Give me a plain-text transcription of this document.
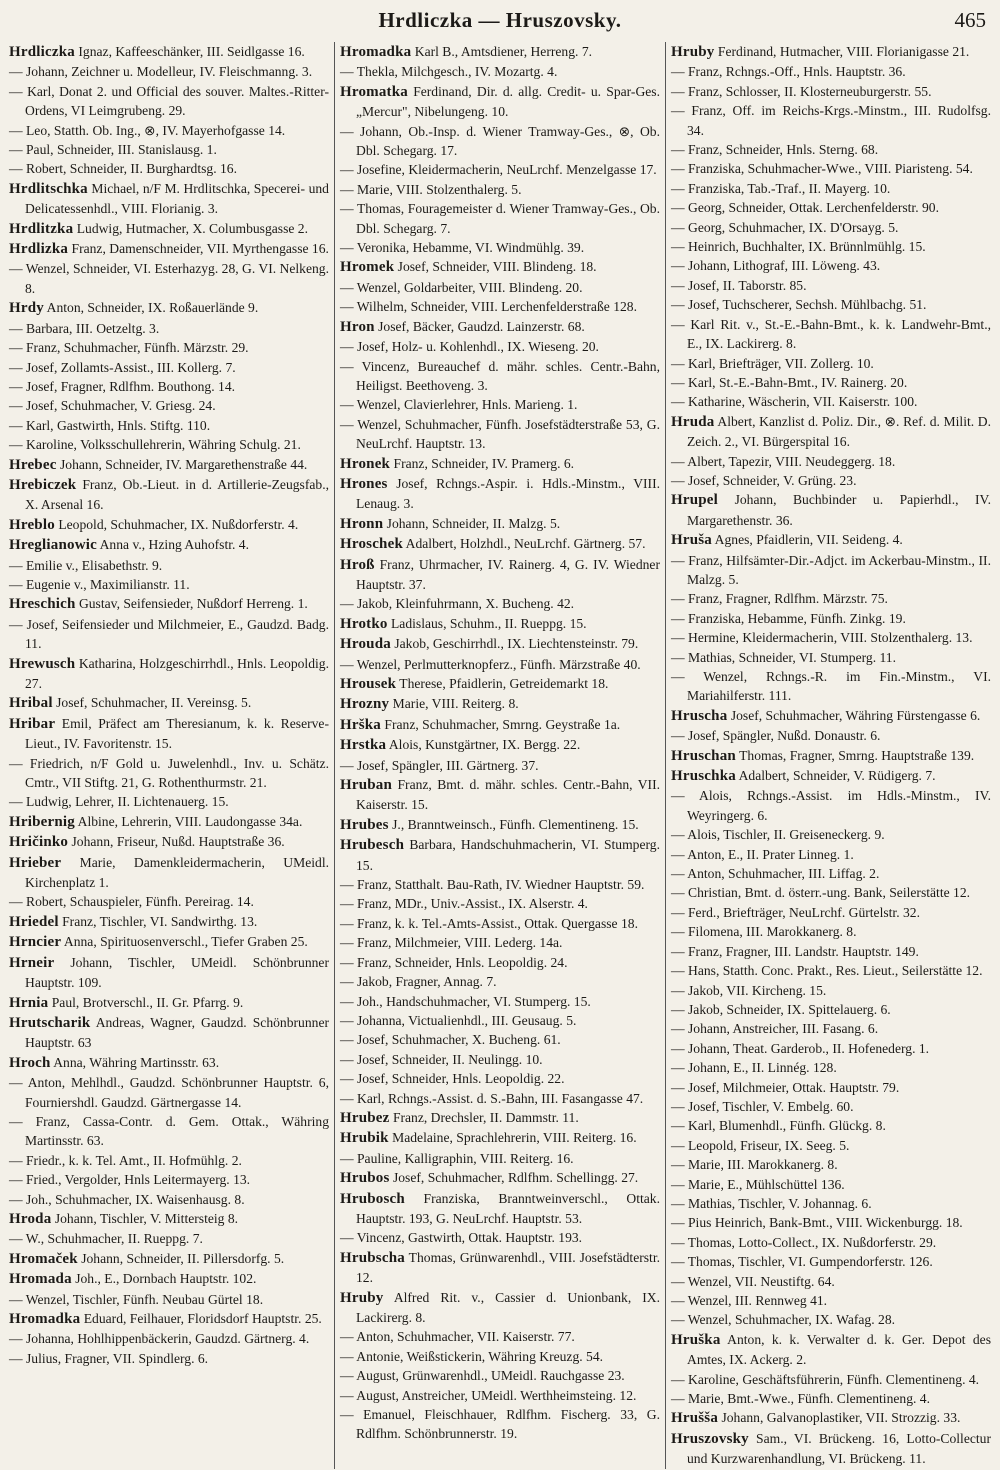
Hrdliczka — Hruszovsky.	465
Hrdliczka Ignaz, Kaffeeschänker, III. Seidlgasse 16.
— Johann, Zeichner u. Modelleur, IV. Fleischmanng. 3.
— Karl, Donat 2. und Official des souver. Maltes.-Ritter-Ordens, VI Leimgrubeng. 29.
— Leo, Statth. Ob. Ing., ⊗, IV. Mayerhofgasse 14.
— Paul, Schneider, III. Stanislausg. 1.
— Robert, Schneider, II. Burghardtsg. 16.
Hrdlitschka Michael, n/F M. Hrdlitschka, Specerei- und Delicatessenhdl., VIII. Florianig. 3.
Hrdlitzka Ludwig, Hutmacher, X. Columbusgasse 2.
Hrdlizka Franz, Damenschneider, VII. Myrthengasse 16.
— Wenzel, Schneider, VI. Esterhazyg. 28, G. VI. Nelkeng. 8.
Hrdy Anton, Schneider, IX. Roßauerlände 9.
— Barbara, III. Oetzeltg. 3.
— Franz, Schuhmacher, Fünfh. Märzstr. 29.
— Josef, Zollamts-Assist., III. Kollerg. 7.
— Josef, Fragner, Rdlfhm. Bouthong. 14.
— Josef, Schuhmacher, V. Griesg. 24.
— Karl, Gastwirth, Hnls. Stiftg. 110.
— Karoline, Volksschullehrerin, Währing Schulg. 21.
Hrebec Johann, Schneider, IV. Margarethenstraße 44.
Hrebiczek Franz, Ob.-Lieut. in d. Artillerie-Zeugsfab., X. Arsenal 16.
Hreblo Leopold, Schuhmacher, IX. Nußdorferstr. 4.
Hreglianowic Anna v., Hzing Auhofstr. 4.
— Emilie v., Elisabethstr. 9.
— Eugenie v., Maximilianstr. 11.
Hreschich Gustav, Seifensieder, Nußdorf Herreng. 1.
— Josef, Seifensieder und Milchmeier, E., Gaudzd. Badg. 11.
Hrewusch Katharina, Holzgeschirrhdl., Hnls. Leopoldig. 27.
Hribal Josef, Schuhmacher, II. Vereinsg. 5.
Hribar Emil, Präfect am Theresianum, k. k. Reserve-Lieut., IV. Favoritenstr. 15.
— Friedrich, n/F Gold u. Juwelenhdl., Inv. u. Schätz. Cmtr., VII Stiftg. 21, G. Rothenthurmstr. 21.
— Ludwig, Lehrer, II. Lichtenauerg. 15.
Hribernig Albine, Lehrerin, VIII. Laudongasse 34a.
Hričinko Johann, Friseur, Nußd. Hauptstraße 36.
Hrieber Marie, Damenkleidermacherin, UMeidl. Kirchenplatz 1.
— Robert, Schauspieler, Fünfh. Pereirag. 14.
Hriedel Franz, Tischler, VI. Sandwirthg. 13.
Hrncier Anna, Spirituosenverschl., Tiefer Graben 25.
Hrneir Johann, Tischler, UMeidl. Schönbrunner Hauptstr. 109.
Hrnia Paul, Brotverschl., II. Gr. Pfarrg. 9.
Hrutscharik Andreas, Wagner, Gaudzd. Schönbrunner Hauptstr. 63
Hroch Anna, Währing Martinsstr. 63.
— Anton, Mehlhdl., Gaudzd. Schönbrunner Hauptstr. 6, Fourniershdl. Gaudzd. Gärtnergasse 14.
— Franz, Cassa-Contr. d. Gem. Ottak., Währing Martinsstr. 63.
— Friedr., k. k. Tel. Amt., II. Hofmühlg. 2.
— Fried., Vergolder, Hnls Leitermayerg. 13.
— Joh., Schuhmacher, IX. Waisenhausg. 8.
Hroda Johann, Tischler, V. Mittersteig 8.
— W., Schuhmacher, II. Rueppg. 7.
Hromaček Johann, Schneider, II. Pillersdorfg. 5.
Hromada Joh., E., Dornbach Hauptstr. 102.
— Wenzel, Tischler, Fünfh. Neubau Gürtel 18.
Hromadka Eduard, Feilhauer, Floridsdorf Hauptstr. 25.
— Johanna, Hohlhippenbäckerin, Gaudzd. Gärtnerg. 4.
— Julius, Fragner, VII. Spindlerg. 6.
Hromadka Karl B., Amtsdiener, Herreng. 7.
— Thekla, Milchgesch., IV. Mozartg. 4.
Hromatka Ferdinand, Dir. d. allg. Credit- u. Spar-Ges. „Mercur", Nibelungeng. 10.
— Johann, Ob.-Insp. d. Wiener Tramway-Ges., ⊗, Ob. Dbl. Schegarg. 17.
— Josefine, Kleidermacherin, NeuLrchf. Menzelgasse 17.
— Marie, VIII. Stolzenthalerg. 5.
— Thomas, Fouragemeister d. Wiener Tramway-Ges., Ob. Dbl. Schegarg. 7.
— Veronika, Hebamme, VI. Windmühlg. 39.
Hromek Josef, Schneider, VIII. Blindeng. 18.
— Wenzel, Goldarbeiter, VIII. Blindeng. 20.
— Wilhelm, Schneider, VIII. Lerchenfelderstraße 128.
Hron Josef, Bäcker, Gaudzd. Lainzerstr. 68.
— Josef, Holz- u. Kohlenhdl., IX. Wieseng. 20.
— Vincenz, Bureauchef d. mähr. schles. Centr.-Bahn, Heiligst. Beethoveng. 3.
— Wenzel, Clavierlehrer, Hnls. Marieng. 1.
— Wenzel, Schuhmacher, Fünfh. Josefstädterstraße 53, G. NeuLrchf. Hauptstr. 13.
Hronek Franz, Schneider, IV. Pramerg. 6.
Hrones Josef, Rchngs.-Aspir. i. Hdls.-Minstm., VIII. Lenaug. 3.
Hronn Johann, Schneider, II. Malzg. 5.
Hroschek Adalbert, Holzhdl., NeuLrchf. Gärtnerg. 57.
Hroß Franz, Uhrmacher, IV. Rainerg. 4, G. IV. Wiedner Hauptstr. 37.
— Jakob, Kleinfuhrmann, X. Bucheng. 42.
Hrotko Ladislaus, Schuhm., II. Rueppg. 15.
Hrouda Jakob, Geschirrhdl., IX. Liechtensteinstr. 79.
— Wenzel, Perlmutterknopferz., Fünfh. Märzstraße 40.
Hrousek Therese, Pfaidlerin, Getreidemarkt 18.
Hrozny Marie, VIII. Reiterg. 8.
Hrška Franz, Schuhmacher, Smrng. Geystraße 1a.
Hrstka Alois, Kunstgärtner, IX. Bergg. 22.
— Josef, Spängler, III. Gärtnerg. 37.
Hruban Franz, Bmt. d. mähr. schles. Centr.-Bahn, VII. Kaiserstr. 15.
Hrubes J., Branntweinsch., Fünfh. Clementineng. 15.
Hrubesch Barbara, Handschuhmacherin, VI. Stumperg. 15.
— Franz, Statthalt. Bau-Rath, IV. Wiedner Hauptstr. 59.
— Franz, MDr., Univ.-Assist., IX. Alserstr. 4.
— Franz, k. k. Tel.-Amts-Assist., Ottak. Quergasse 18.
— Franz, Milchmeier, VIII. Lederg. 14a.
— Franz, Schneider, Hnls. Leopoldig. 24.
— Jakob, Fragner, Annag. 7.
— Joh., Handschuhmacher, VI. Stumperg. 15.
— Johanna, Victualienhdl., III. Geusaug. 5.
— Josef, Schuhmacher, X. Bucheng. 61.
— Josef, Schneider, II. Neulingg. 10.
— Josef, Schneider, Hnls. Leopoldig. 22.
— Karl, Rchngs.-Assist. d. S.-Bahn, III. Fasangasse 47.
Hrubez Franz, Drechsler, II. Dammstr. 11.
Hrubik Madelaine, Sprachlehrerin, VIII. Reiterg. 16.
— Pauline, Kalligraphin, VIII. Reiterg. 16.
Hrubos Josef, Schuhmacher, Rdlfhm. Schellingg. 27.
Hrubosch Franziska, Branntweinverschl., Ottak. Hauptstr. 193, G. NeuLrchf. Hauptstr. 53.
— Vincenz, Gastwirth, Ottak. Hauptstr. 193.
Hrubscha Thomas, Grünwarenhdl., VIII. Josefstädterstr. 12.
Hruby Alfred Rit. v., Cassier d. Unionbank, IX. Lackirerg. 8.
— Anton, Schuhmacher, VII. Kaiserstr. 77.
— Antonie, Weißstickerin, Währing Kreuzg. 54.
— August, Grünwarenhdl., UMeidl. Rauchgasse 23.
— August, Anstreicher, UMeidl. Werthheimsteing. 12.
— Emanuel, Fleischhauer, Rdlfhm. Fischerg. 33, G. Rdlfhm. Schönbrunnerstr. 19.
Hruby Ferdinand, Hutmacher, VIII. Florianigasse 21.
— Franz, Rchngs.-Off., Hnls. Hauptstr. 36.
— Franz, Schlosser, II. Klosterneuburgerstr. 55.
— Franz, Off. im Reichs-Krgs.-Minstm., III. Rudolfsg. 34.
— Franz, Schneider, Hnls. Sterng. 68.
— Franziska, Schuhmacher-Wwe., VIII. Piaristeng. 54.
— Franziska, Tab.-Traf., II. Mayerg. 10.
— Georg, Schneider, Ottak. Lerchenfelderstr. 90.
— Georg, Schuhmacher, IX. D'Orsayg. 5.
— Heinrich, Buchhalter, IX. Brünnlmühlg. 15.
— Johann, Lithograf, III. Löweng. 43.
— Josef, II. Taborstr. 85.
— Josef, Tuchscherer, Sechsh. Mühlbachg. 51.
— Karl Rit. v., St.-E.-Bahn-Bmt., k. k. Landwehr-Bmt., E., IX. Lackirerg. 8.
— Karl, Briefträger, VII. Zollerg. 10.
— Karl, St.-E.-Bahn-Bmt., IV. Rainerg. 20.
— Katharine, Wäscherin, VII. Kaiserstr. 100.
Hruda Albert, Kanzlist d. Poliz. Dir., ⊗. Ref. d. Milit. D. Zeich. 2., VI. Bürgerspital 16.
— Albert, Tapezir, VIII. Neudeggerg. 18.
— Josef, Schneider, V. Grüng. 23.
Hrupel Johann, Buchbinder u. Papierhdl., IV. Margarethenstr. 36.
Hruša Agnes, Pfaidlerin, VII. Seideng. 4.
— Franz, Hilfsämter-Dir.-Adjct. im Ackerbau-Minstm., II. Malzg. 5.
— Franz, Fragner, Rdlfhm. Märzstr. 75.
— Franziska, Hebamme, Fünfh. Zinkg. 19.
— Hermine, Kleidermacherin, VIII. Stolzenthalerg. 13.
— Mathias, Schneider, VI. Stumperg. 11.
— Wenzel, Rchngs.-R. im Fin.-Minstm., VI. Mariahilferstr. 111.
Hruscha Josef, Schuhmacher, Währing Fürstengasse 6.
— Josef, Spängler, Nußd. Donaustr. 6.
Hruschan Thomas, Fragner, Smrng. Hauptstraße 139.
Hruschka Adalbert, Schneider, V. Rüdigerg. 7.
— Alois, Rchngs.-Assist. im Hdls.-Minstm., IV. Weyringerg. 6.
— Alois, Tischler, II. Greiseneckerg. 9.
— Anton, E., II. Prater Linneg. 1.
— Anton, Schuhmacher, III. Liffag. 2.
— Christian, Bmt. d. österr.-ung. Bank, Seilerstätte 12.
— Ferd., Briefträger, NeuLrchf. Gürtelstr. 32.
— Filomena, III. Marokkanerg. 8.
— Franz, Fragner, III. Landstr. Hauptstr. 149.
— Hans, Statth. Conc. Prakt., Res. Lieut., Seilerstätte 12.
— Jakob, VII. Kircheng. 15.
— Jakob, Schneider, IX. Spittelauerg. 6.
— Johann, Anstreicher, III. Fasang. 6.
— Johann, Theat. Garderob., II. Hofenederg. 1.
— Johann, E., II. Linnég. 128.
— Josef, Milchmeier, Ottak. Hauptstr. 79.
— Josef, Tischler, V. Embelg. 60.
— Karl, Blumenhdl., Fünfh. Glückg. 8.
— Leopold, Friseur, IX. Seeg. 5.
— Marie, III. Marokkanerg. 8.
— Marie, E., Mühlschüttel 136.
— Mathias, Tischler, V. Johannag. 6.
— Pius Heinrich, Bank-Bmt., VIII. Wickenburgg. 18.
— Thomas, Lotto-Collect., IX. Nußdorferstr. 29.
— Thomas, Tischler, VI. Gumpendorferstr. 126.
— Wenzel, VII. Neustiftg. 64.
— Wenzel, III. Rennweg 41.
— Wenzel, Schuhmacher, IX. Wafag. 28.
Hruška Anton, k. k. Verwalter d. k. Ger. Depot des Amtes, IX. Ackerg. 2.
— Karoline, Geschäftsführerin, Fünfh. Clementineng. 4.
— Marie, Bmt.-Wwe., Fünfh. Clementineng. 4.
Hrušša Johann, Galvanoplastiker, VII. Strozzig. 33.
Hruszovsky Sam., VI. Brückeng. 16, Lotto-Collectur und Kurzwarenhandlung, VI. Brückeng. 11.
